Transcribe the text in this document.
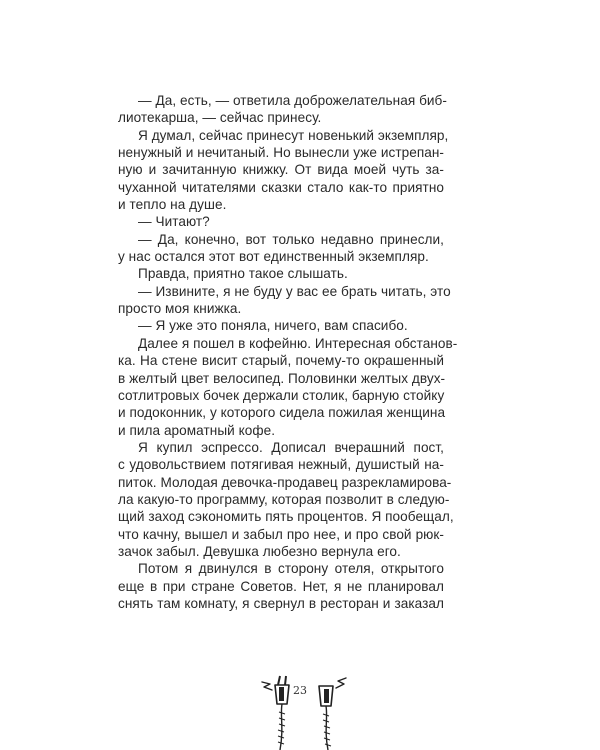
— Да, есть, — ответила доброжелательная биб-
лиотекарша, — сейчас принесу.
Я думал, сейчас принесут новенький экземпляр,
ненужный и нечитаный. Но вынесли уже истрепан-
ную и зачитанную книжку. От вида моей чуть за-
чуханной читателями сказки стало как-то приятно
и тепло на душе.
— Читают?
— Да, конечно, вот только недавно принесли,
у нас остался этот вот единственный экземпляр.
Правда, приятно такое слышать.
— Извините, я не буду у вас ее брать читать, это
просто моя книжка.
— Я уже это поняла, ничего, вам спасибо.
Далее я пошел в кофейню. Интересная обстанов-
ка. На стене висит старый, почему-то окрашенный
в желтый цвет велосипед. Половинки желтых двух-
сотлитровых бочек держали столик, барную стойку
и подоконник, у которого сидела пожилая женщина
и пила ароматный кофе.
Я купил эспрессо. Дописал вчерашний пост,
с удовольствием потягивая нежный, душистый на-
питок. Молодая девочка-продавец разрекламирова-
ла какую-то программу, которая позволит в следую-
щий заход сэкономить пять процентов. Я пообещал,
что качну, вышел и забыл про нее, и про свой рюк-
зачок забыл. Девушка любезно вернула его.
Потом я двинулся в сторону отеля, открытого
еще в при стране Советов. Нет, я не планировал
снять там комнату, я свернул в ресторан и заказал
23
